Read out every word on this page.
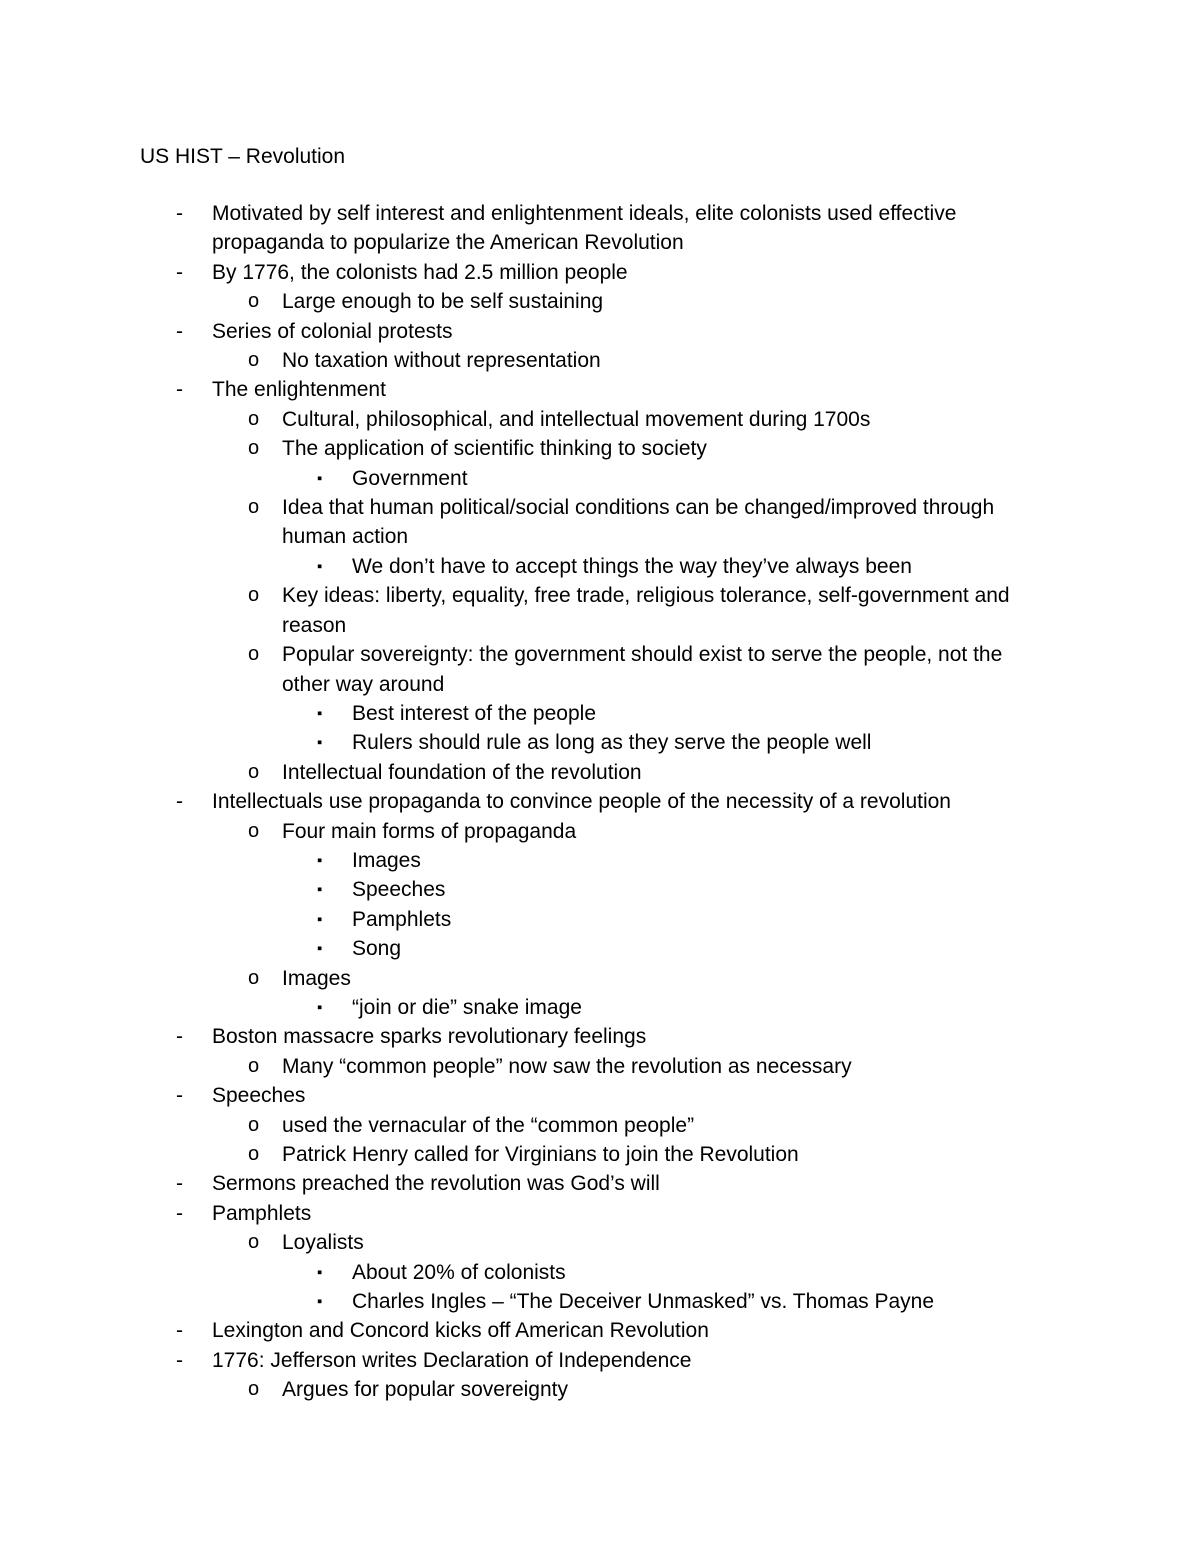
US HIST – Revolution
- Motivated by self interest and enlightenment ideals, elite colonists used effective propaganda to popularize the American Revolution
- By 1776, the colonists had 2.5 million people
o Large enough to be self sustaining
- Series of colonial protests
o No taxation without representation
- The enlightenment
o Cultural, philosophical, and intellectual movement during 1700s
o The application of scientific thinking to society
▪ Government
o Idea that human political/social conditions can be changed/improved through human action
▪ We don’t have to accept things the way they’ve always been
o Key ideas: liberty, equality, free trade, religious tolerance, self-government and reason
o Popular sovereignty: the government should exist to serve the people, not the other way around
▪ Best interest of the people
▪ Rulers should rule as long as they serve the people well
o Intellectual foundation of the revolution
- Intellectuals use propaganda to convince people of the necessity of a revolution
o Four main forms of propaganda
▪ Images
▪ Speeches
▪ Pamphlets
▪ Song
o Images
▪ “join or die” snake image
- Boston massacre sparks revolutionary feelings
o Many “common people” now saw the revolution as necessary
- Speeches
o used the vernacular of the “common people”
o Patrick Henry called for Virginians to join the Revolution
- Sermons preached the revolution was God’s will
- Pamphlets
o Loyalists
▪ About 20% of colonists
▪ Charles Ingles – “The Deceiver Unmasked” vs. Thomas Payne
- Lexington and Concord kicks off American Revolution
- 1776: Jefferson writes Declaration of Independence
o Argues for popular sovereignty
